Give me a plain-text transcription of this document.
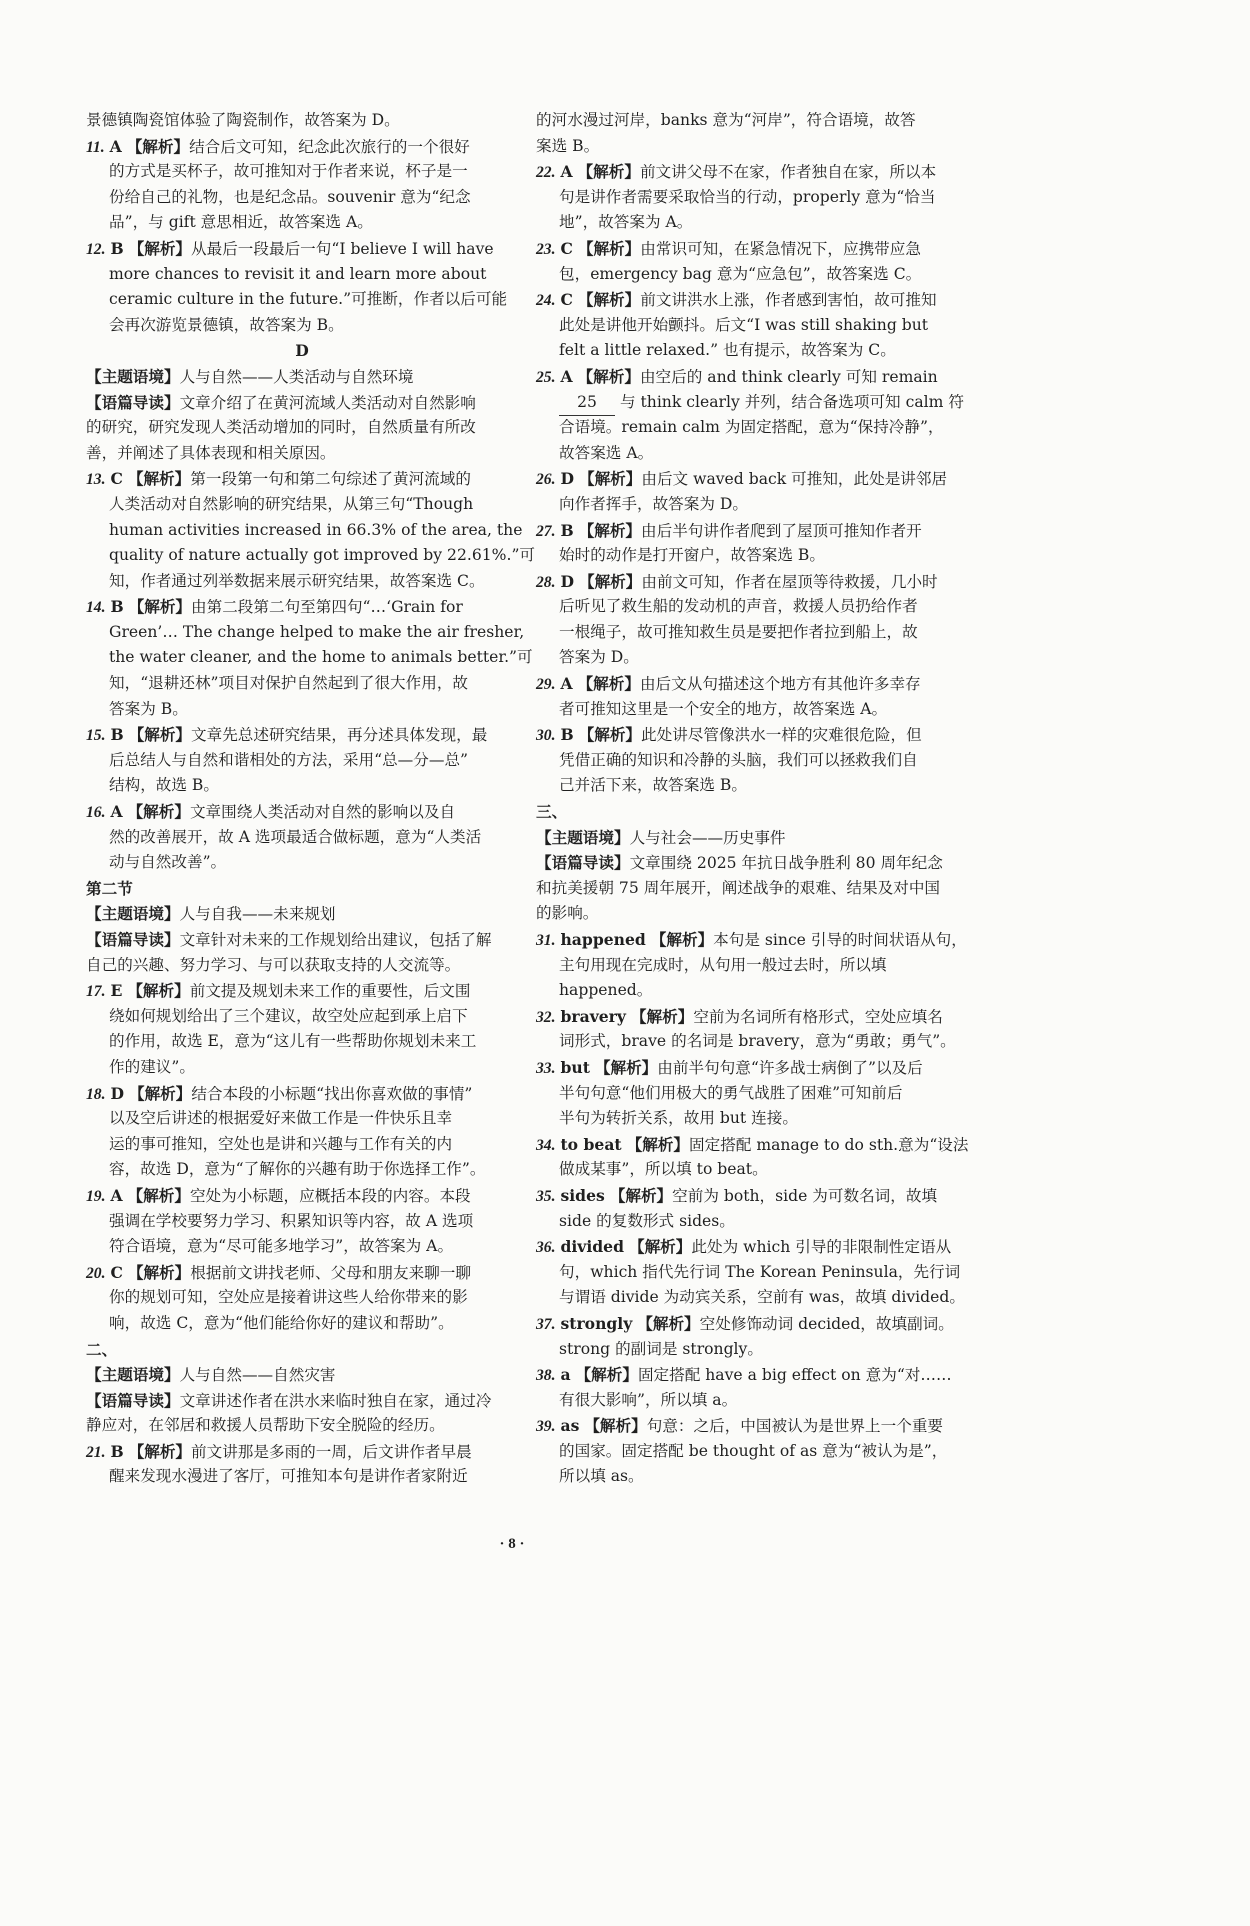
景德镇陶瓷馆体验了陶瓷制作，故答案为 D。
11. A 【解析】结合后文可知，纪念此次旅行的一个很好
的方式是买杯子，故可推知对于作者来说，杯子是一
份给自己的礼物，也是纪念品。souvenir 意为“纪念
品”，与 gift 意思相近，故答案选 A。
12. B 【解析】从最后一段最后一句“I believe I will have
more chances to revisit it and learn more about
ceramic culture in the future.”可推断，作者以后可能
会再次游览景德镇，故答案为 B。
D
【主题语境】人与自然——人类活动与自然环境
【语篇导读】文章介绍了在黄河流域人类活动对自然影响
的研究，研究发现人类活动增加的同时，自然质量有所改
善，并阐述了具体表现和相关原因。
13. C 【解析】第一段第一句和第二句综述了黄河流域的
人类活动对自然影响的研究结果，从第三句“Though
human activities increased in 66.3% of the area, the
quality of nature actually got improved by 22.61%.”可
知，作者通过列举数据来展示研究结果，故答案选 C。
14. B 【解析】由第二段第二句至第四句“…‘Grain for
Green’… The change helped to make the air fresher,
the water cleaner, and the home to animals better.”可
知，“退耕还林”项目对保护自然起到了很大作用，故
答案为 B。
15. B 【解析】文章先总述研究结果，再分述具体发现，最
后总结人与自然和谐相处的方法，采用“总—分—总”
结构，故选 B。
16. A 【解析】文章围绕人类活动对自然的影响以及自
然的改善展开，故 A 选项最适合做标题，意为“人类活
动与自然改善”。
第二节
【主题语境】人与自我——未来规划
【语篇导读】文章针对未来的工作规划给出建议，包括了解
自己的兴趣、努力学习、与可以获取支持的人交流等。
17. E 【解析】前文提及规划未来工作的重要性，后文围
绕如何规划给出了三个建议，故空处应起到承上启下
的作用，故选 E，意为“这儿有一些帮助你规划未来工
作的建议”。
18. D 【解析】结合本段的小标题“找出你喜欢做的事情”
以及空后讲述的根据爱好来做工作是一件快乐且幸
运的事可推知，空处也是讲和兴趣与工作有关的内
容，故选 D，意为“了解你的兴趣有助于你选择工作”。
19. A 【解析】空处为小标题，应概括本段的内容。本段
强调在学校要努力学习、积累知识等内容，故 A 选项
符合语境，意为“尽可能多地学习”，故答案为 A。
20. C 【解析】根据前文讲找老师、父母和朋友来聊一聊
你的规划可知，空处应是接着讲这些人给你带来的影
响，故选 C，意为“他们能给你好的建议和帮助”。
二、
【主题语境】人与自然——自然灾害
【语篇导读】文章讲述作者在洪水来临时独自在家，通过冷
静应对，在邻居和救援人员帮助下安全脱险的经历。
21. B 【解析】前文讲那是多雨的一周，后文讲作者早晨
醒来发现水漫进了客厅，可推知本句是讲作者家附近
的河水漫过河岸，banks 意为“河岸”，符合语境，故答
案选 B。
22. A 【解析】前文讲父母不在家，作者独自在家，所以本
句是讲作者需要采取恰当的行动，properly 意为“恰当
地”，故答案为 A。
23. C 【解析】由常识可知，在紧急情况下，应携带应急
包，emergency bag 意为“应急包”，故答案选 C。
24. C 【解析】前文讲洪水上涨，作者感到害怕，故可推知
此处是讲他开始颤抖。后文“I was still shaking but
felt a little relaxed.” 也有提示，故答案为 C。
25. A 【解析】由空后的 and think clearly 可知 remain
25 与 think clearly 并列，结合备选项可知 calm 符
合语境。remain calm 为固定搭配，意为“保持冷静”，
故答案选 A。
26. D 【解析】由后文 waved back 可推知，此处是讲邻居
向作者挥手，故答案为 D。
27. B 【解析】由后半句讲作者爬到了屋顶可推知作者开
始时的动作是打开窗户，故答案选 B。
28. D 【解析】由前文可知，作者在屋顶等待救援，几小时
后听见了救生船的发动机的声音，救援人员扔给作者
一根绳子，故可推知救生员是要把作者拉到船上，故
答案为 D。
29. A 【解析】由后文从句描述这个地方有其他许多幸存
者可推知这里是一个安全的地方，故答案选 A。
30. B 【解析】此处讲尽管像洪水一样的灾难很危险，但
凭借正确的知识和冷静的头脑，我们可以拯救我们自
己并活下来，故答案选 B。
三、
【主题语境】人与社会——历史事件
【语篇导读】文章围绕 2025 年抗日战争胜利 80 周年纪念
和抗美援朝 75 周年展开，阐述战争的艰难、结果及对中国
的影响。
31. happened 【解析】本句是 since 引导的时间状语从句，
主句用现在完成时，从句用一般过去时，所以填
happened。
32. bravery 【解析】空前为名词所有格形式，空处应填名
词形式，brave 的名词是 bravery，意为“勇敢；勇气”。
33. but 【解析】由前半句句意“许多战士病倒了”以及后
半句句意“他们用极大的勇气战胜了困难”可知前后
半句为转折关系，故用 but 连接。
34. to beat 【解析】固定搭配 manage to do sth.意为“设法
做成某事”，所以填 to beat。
35. sides 【解析】空前为 both，side 为可数名词，故填
side 的复数形式 sides。
36. divided 【解析】此处为 which 引导的非限制性定语从
句，which 指代先行词 The Korean Peninsula，先行词
与谓语 divide 为动宾关系，空前有 was，故填 divided。
37. strongly 【解析】空处修饰动词 decided，故填副词。
strong 的副词是 strongly。
38. a 【解析】固定搭配 have a big effect on 意为“对……
有很大影响”，所以填 a。
39. as 【解析】句意：之后，中国被认为是世界上一个重要
的国家。固定搭配 be thought of as 意为“被认为是”，
所以填 as。
· 8 ·
